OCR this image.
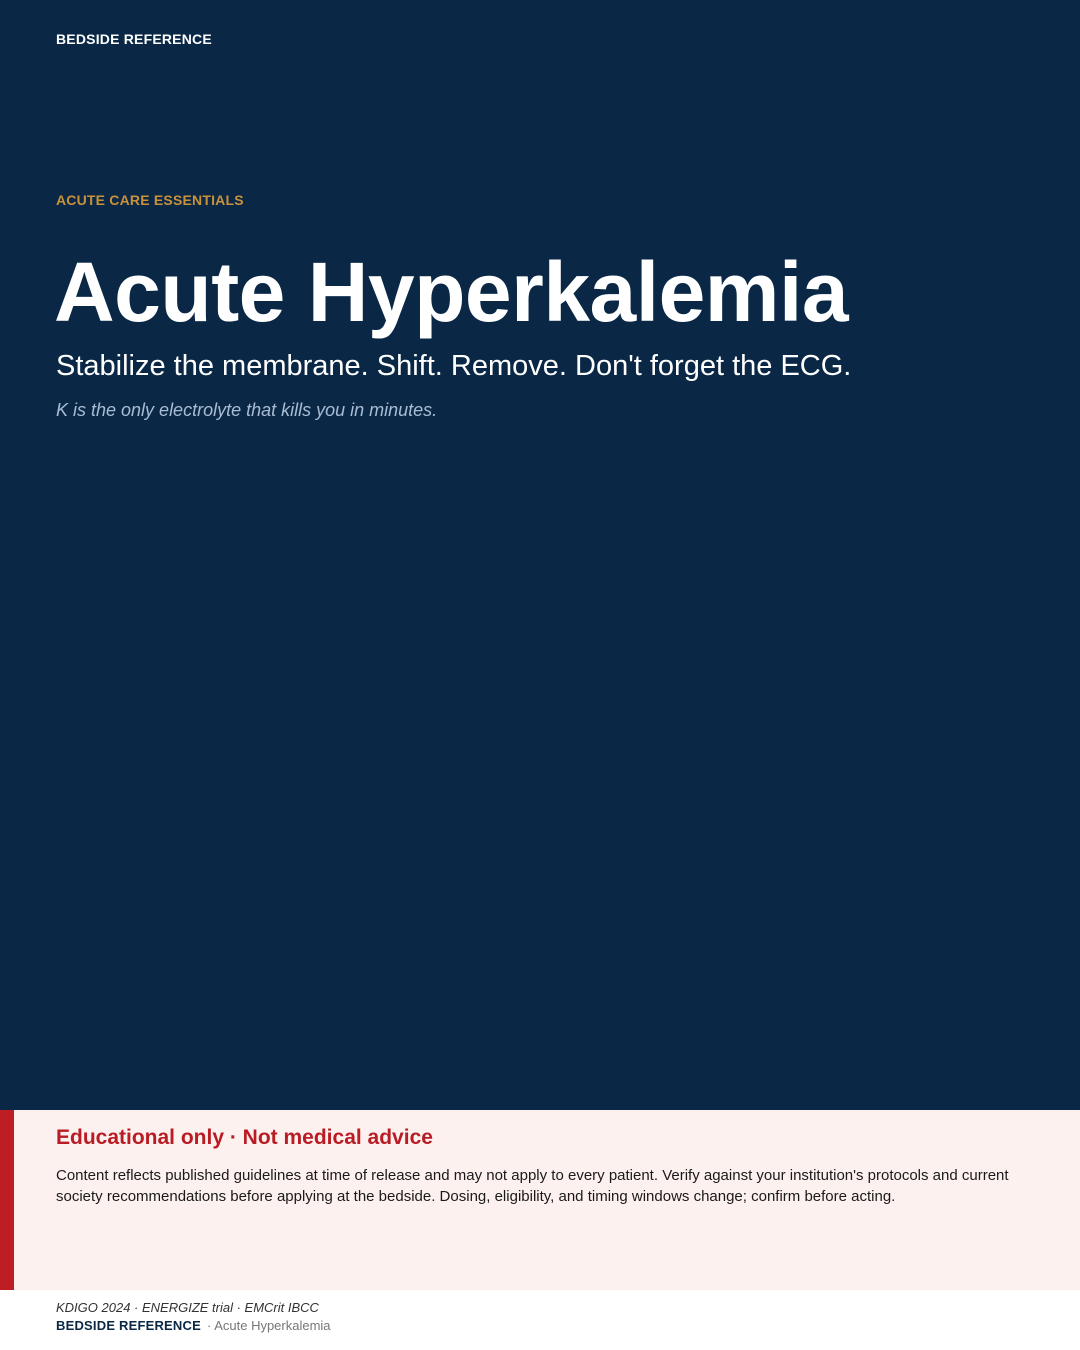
BEDSIDE REFERENCE
ACUTE CARE ESSENTIALS
Acute Hyperkalemia
Stabilize the membrane. Shift. Remove. Don't forget the ECG.
K is the only electrolyte that kills you in minutes.
Educational only · Not medical advice
Content reflects published guidelines at time of release and may not apply to every patient. Verify against your institution's protocols and current society recommendations before applying at the bedside. Dosing, eligibility, and timing windows change; confirm before acting.
KDIGO 2024 · ENERGIZE trial · EMCrit IBCC
BEDSIDE REFERENCE · Acute Hyperkalemia
